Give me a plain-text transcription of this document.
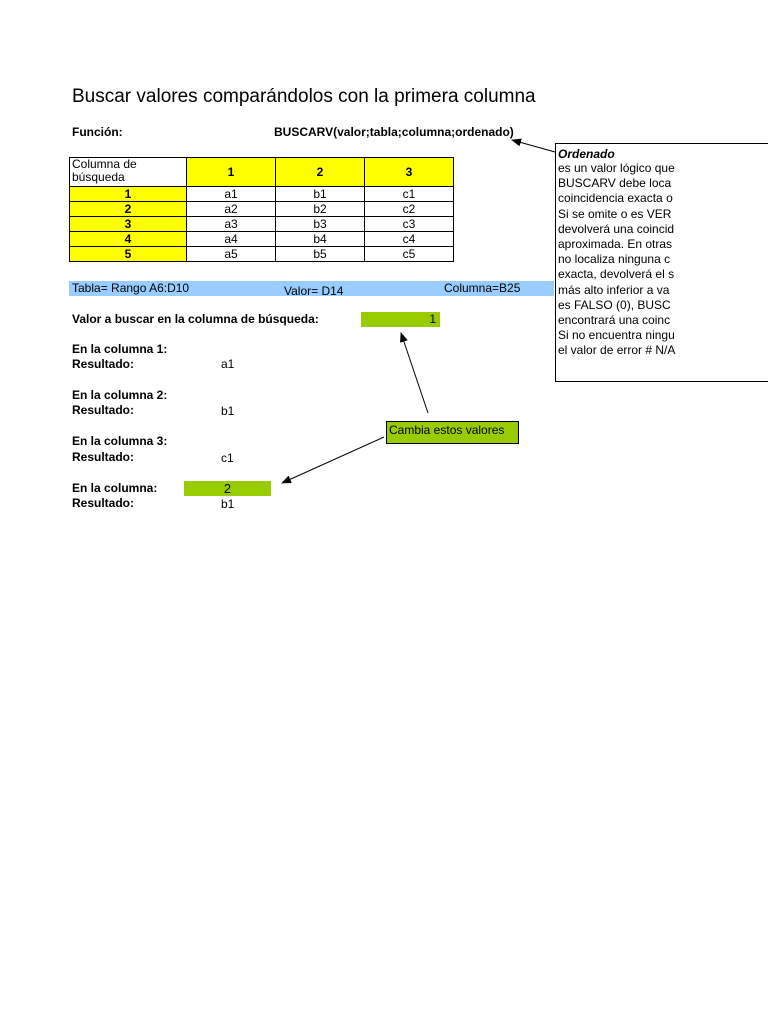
Buscar valores comparándolos con la primera columna
Función:	BUSCARV(valor;tabla;columna;ordenado)
Columna de búsqueda	1	2	3
1	a1	b1	c1
2	a2	b2	c2
3	a3	b3	c3
4	a4	b4	c4
5	a5	b5	c5
Tabla= Rango A6:D10	Valor= D14	Columna=B25
Valor a buscar en la columna de búsqueda:	1
En la columna 1:
Resultado:	a1
En la columna 2:
Resultado:	b1
En la columna 3:
Resultado:	c1
En la columna:	2
Resultado:	b1
Cambia estos valores
Ordenado
es un valor lógico que
BUSCARV debe loca
coincidencia exacta o
Si se omite o es VER
devolverá una coincid
aproximada. En otras
no localiza ninguna c
exacta, devolverá el s
más alto inferior a va
es FALSO (0), BUSC
encontrará una coinc
Si no encuentra ningu
el valor de error # N/A
